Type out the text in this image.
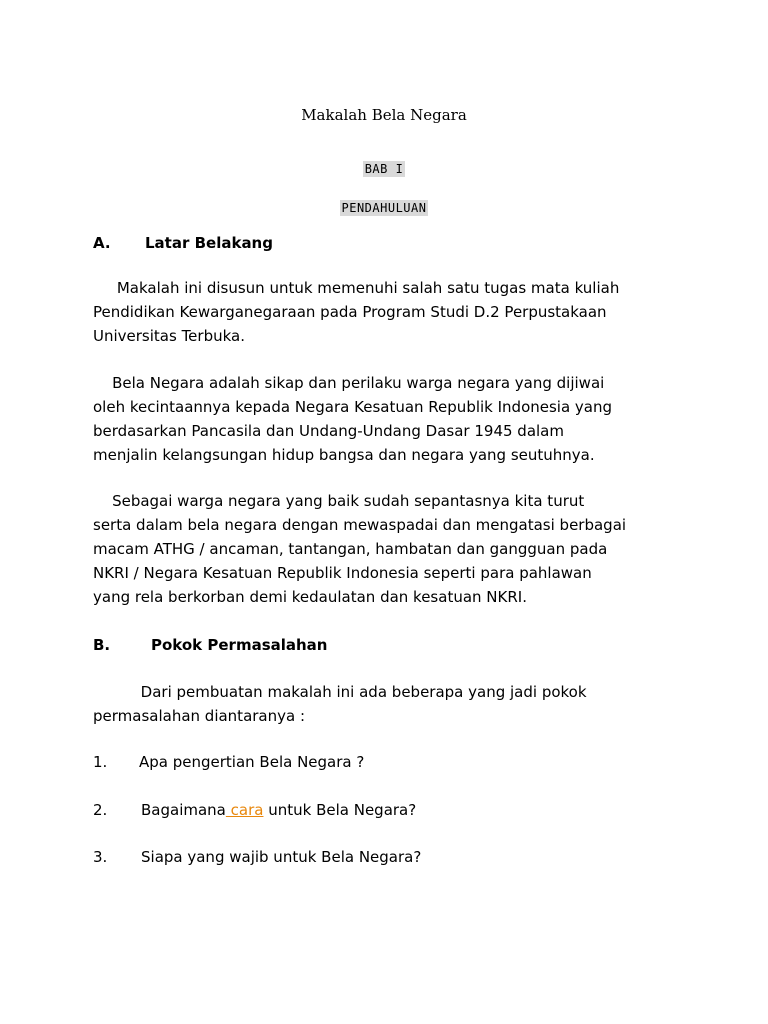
Makalah Bela Negara
BAB I
PENDAHULUAN
A. Latar Belakang
Makalah ini disusun untuk memenuhi salah satu tugas mata kuliah
Pendidikan Kewarganegaraan pada Program Studi D.2 Perpustakaan
Universitas Terbuka.
Bela Negara adalah sikap dan perilaku warga negara yang dijiwai
oleh kecintaannya kepada Negara Kesatuan Republik Indonesia yang
berdasarkan Pancasila dan Undang-Undang Dasar 1945 dalam
menjalin kelangsungan hidup bangsa dan negara yang seutuhnya.
Sebagai warga negara yang baik sudah sepantasnya kita turut
serta dalam bela negara dengan mewaspadai dan mengatasi berbagai
macam ATHG / ancaman, tantangan, hambatan dan gangguan pada
NKRI / Negara Kesatuan Republik Indonesia seperti para pahlawan
yang rela berkorban demi kedaulatan dan kesatuan NKRI.
B.	Pokok Permasalahan
Dari pembuatan makalah ini ada beberapa yang jadi pokok
permasalahan diantaranya :
1. Apa pengertian Bela Negara ?
2. Bagaimana cara untuk Bela Negara?
3. Siapa yang wajib untuk Bela Negara?
